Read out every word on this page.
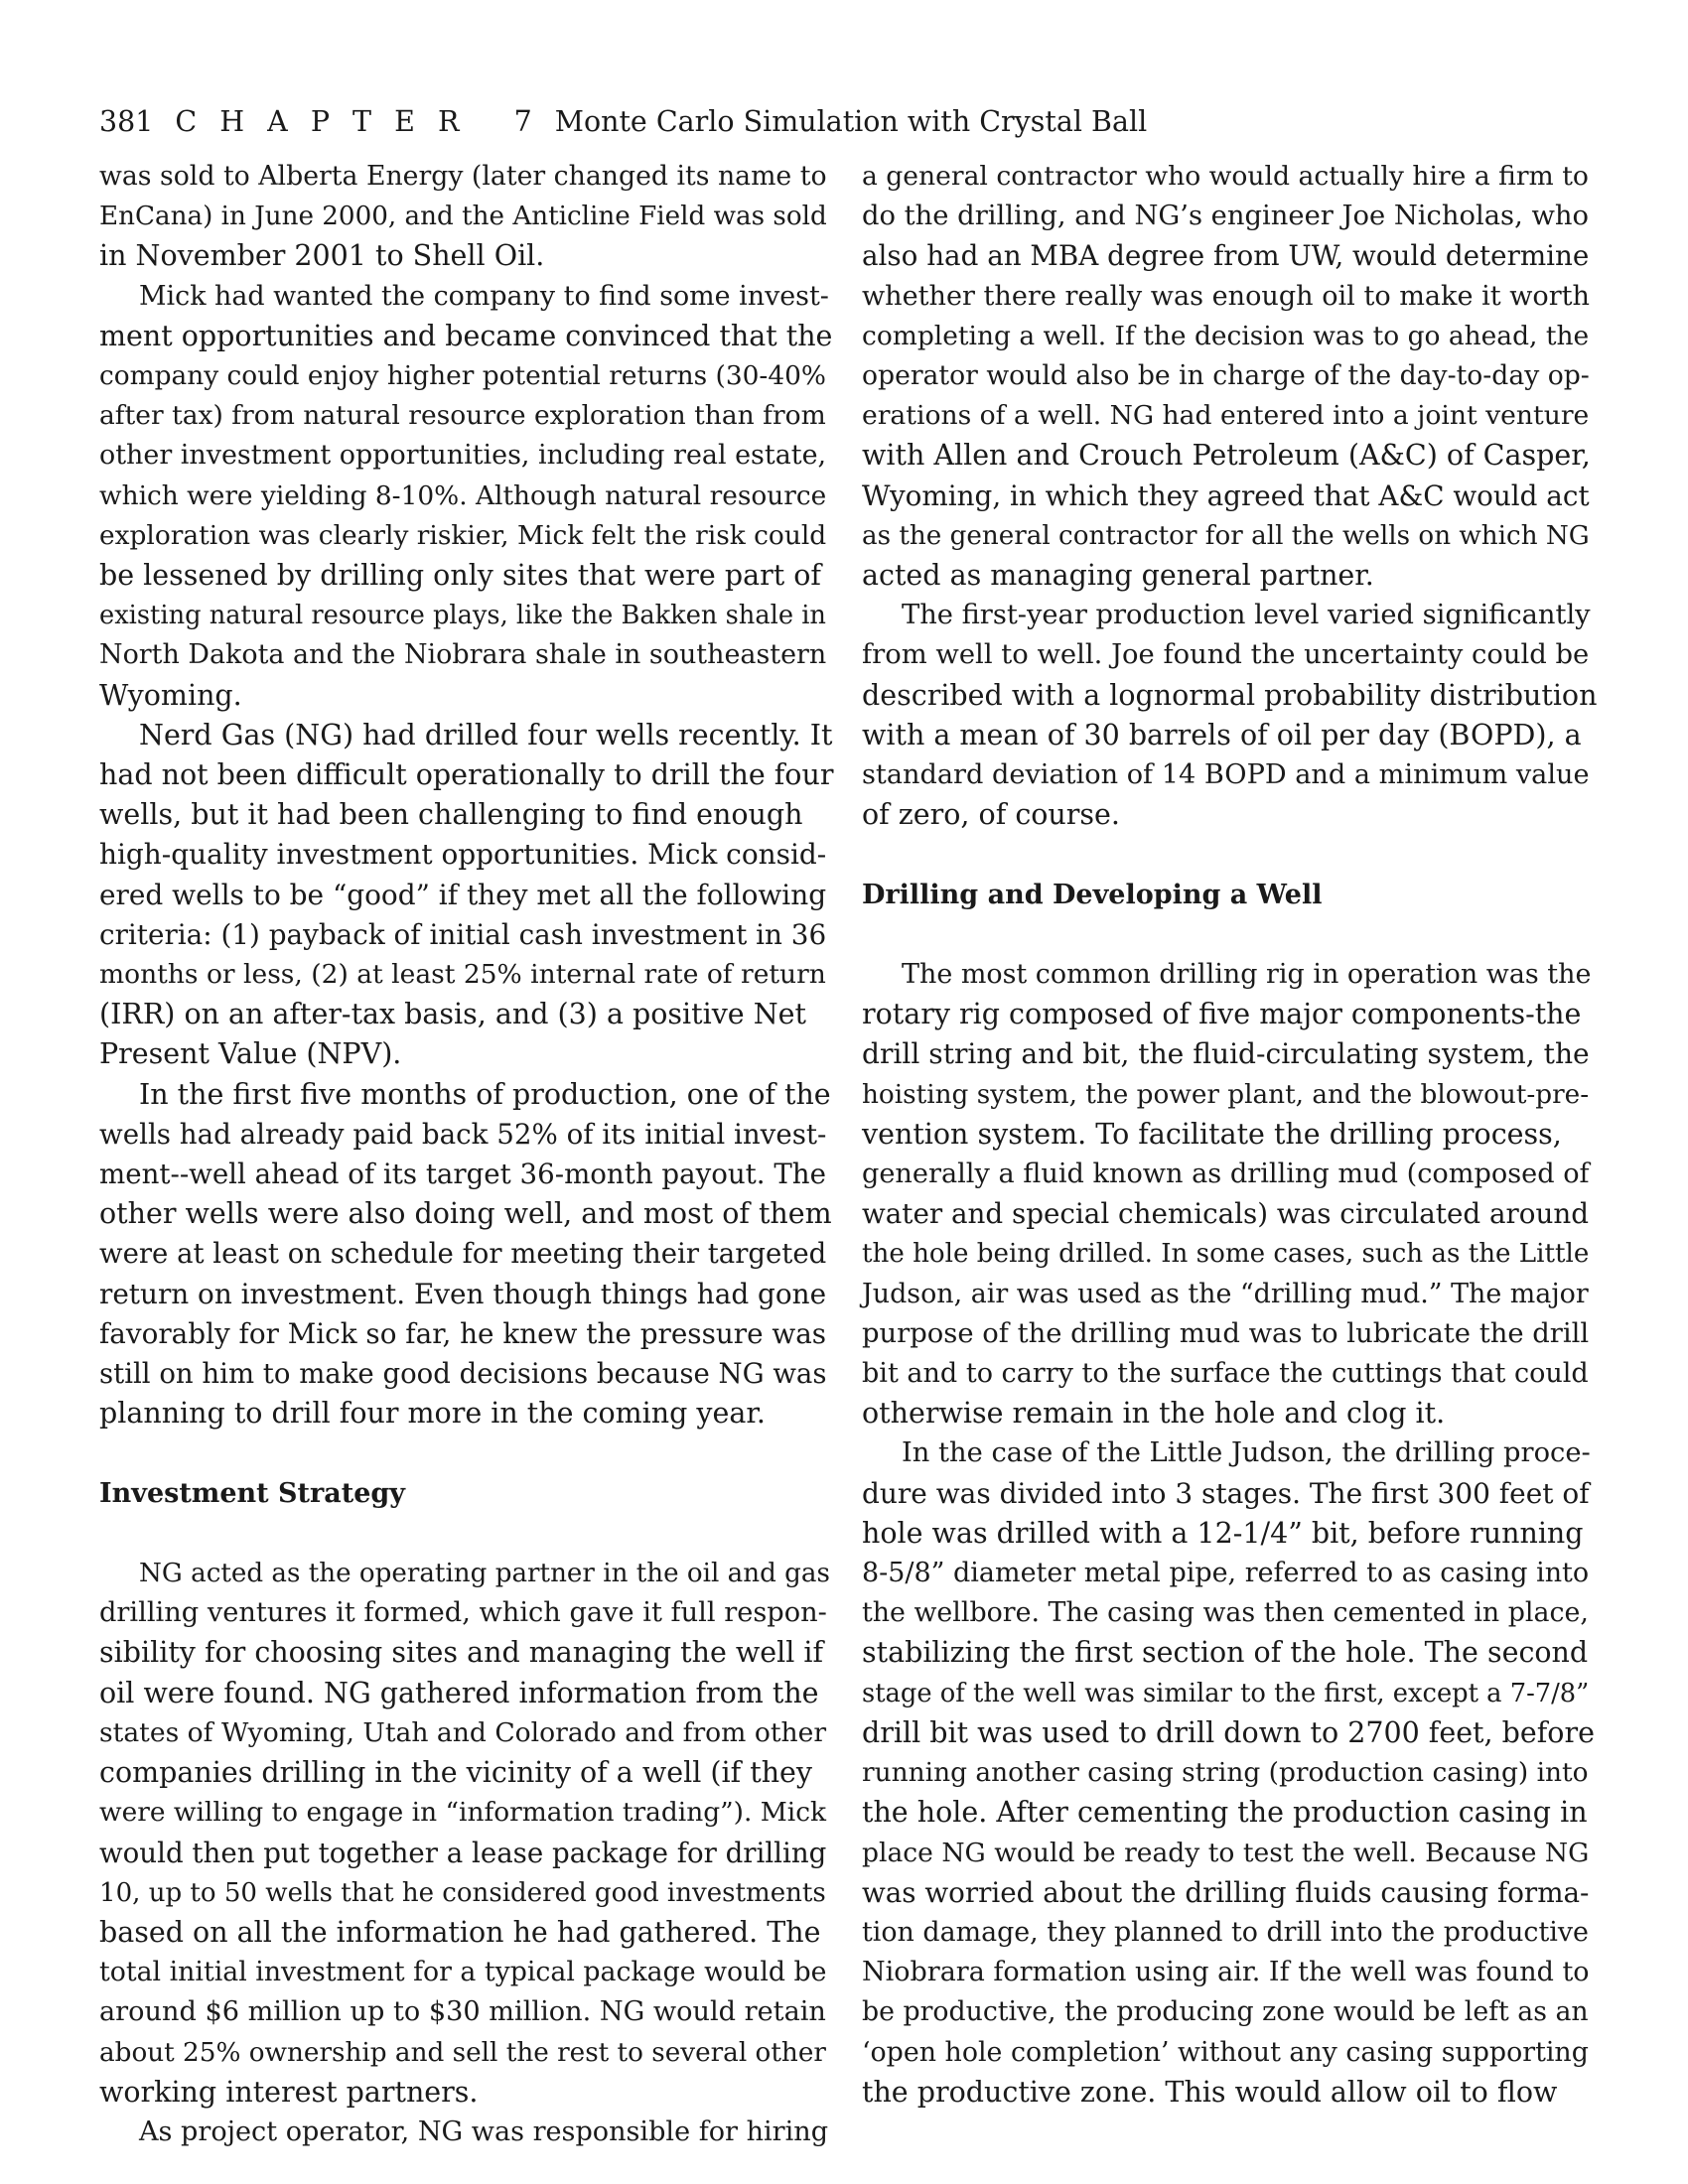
381 C H A P T E R   7 Monte Carlo Simulation with Crystal Ball
was sold to Alberta Energy (later changed its name to
EnCana) in June 2000, and the Anticline Field was sold
in November 2001 to Shell Oil.
Mick had wanted the company to find some invest-
ment opportunities and became convinced that the
company could enjoy higher potential returns (30-40%
after tax) from natural resource exploration than from
other investment opportunities, including real estate,
which were yielding 8-10%. Although natural resource
exploration was clearly riskier, Mick felt the risk could
be lessened by drilling only sites that were part of
existing natural resource plays, like the Bakken shale in
North Dakota and the Niobrara shale in southeastern
Wyoming.
Nerd Gas (NG) had drilled four wells recently. It
had not been difficult operationally to drill the four
wells, but it had been challenging to find enough
high-quality investment opportunities. Mick consid-
ered wells to be “good” if they met all the following
criteria: (1) payback of initial cash investment in 36
months or less, (2) at least 25% internal rate of return
(IRR) on an after-tax basis, and (3) a positive Net
Present Value (NPV).
In the first five months of production, one of the
wells had already paid back 52% of its initial invest-
ment--well ahead of its target 36-month payout. The
other wells were also doing well, and most of them
were at least on schedule for meeting their targeted
return on investment. Even though things had gone
favorably for Mick so far, he knew the pressure was
still on him to make good decisions because NG was
planning to drill four more in the coming year.
Investment Strategy
NG acted as the operating partner in the oil and gas
drilling ventures it formed, which gave it full respon-
sibility for choosing sites and managing the well if
oil were found. NG gathered information from the
states of Wyoming, Utah and Colorado and from other
companies drilling in the vicinity of a well (if they
were willing to engage in “information trading”). Mick
would then put together a lease package for drilling
10, up to 50 wells that he considered good investments
based on all the information he had gathered. The
total initial investment for a typical package would be
around $6 million up to $30 million. NG would retain
about 25% ownership and sell the rest to several other
working interest partners.
As project operator, NG was responsible for hiring
a general contractor who would actually hire a firm to
do the drilling, and NG’s engineer Joe Nicholas, who
also had an MBA degree from UW, would determine
whether there really was enough oil to make it worth
completing a well. If the decision was to go ahead, the
operator would also be in charge of the day-to-day op-
erations of a well. NG had entered into a joint venture
with Allen and Crouch Petroleum (A&C) of Casper,
Wyoming, in which they agreed that A&C would act
as the general contractor for all the wells on which NG
acted as managing general partner.
The first-year production level varied significantly
from well to well. Joe found the uncertainty could be
described with a lognormal probability distribution
with a mean of 30 barrels of oil per day (BOPD), a
standard deviation of 14 BOPD and a minimum value
of zero, of course.
Drilling and Developing a Well
The most common drilling rig in operation was the
rotary rig composed of five major components-the
drill string and bit, the fluid-circulating system, the
hoisting system, the power plant, and the blowout-pre-
vention system. To facilitate the drilling process,
generally a fluid known as drilling mud (composed of
water and special chemicals) was circulated around
the hole being drilled. In some cases, such as the Little
Judson, air was used as the “drilling mud.” The major
purpose of the drilling mud was to lubricate the drill
bit and to carry to the surface the cuttings that could
otherwise remain in the hole and clog it.
In the case of the Little Judson, the drilling proce-
dure was divided into 3 stages. The first 300 feet of
hole was drilled with a 12-1/4” bit, before running
8-5/8” diameter metal pipe, referred to as casing into
the wellbore. The casing was then cemented in place,
stabilizing the first section of the hole. The second
stage of the well was similar to the first, except a 7-7/8”
drill bit was used to drill down to 2700 feet, before
running another casing string (production casing) into
the hole. After cementing the production casing in
place NG would be ready to test the well. Because NG
was worried about the drilling fluids causing forma-
tion damage, they planned to drill into the productive
Niobrara formation using air. If the well was found to
be productive, the producing zone would be left as an
‘open hole completion’ without any casing supporting
the productive zone. This would allow oil to flow
